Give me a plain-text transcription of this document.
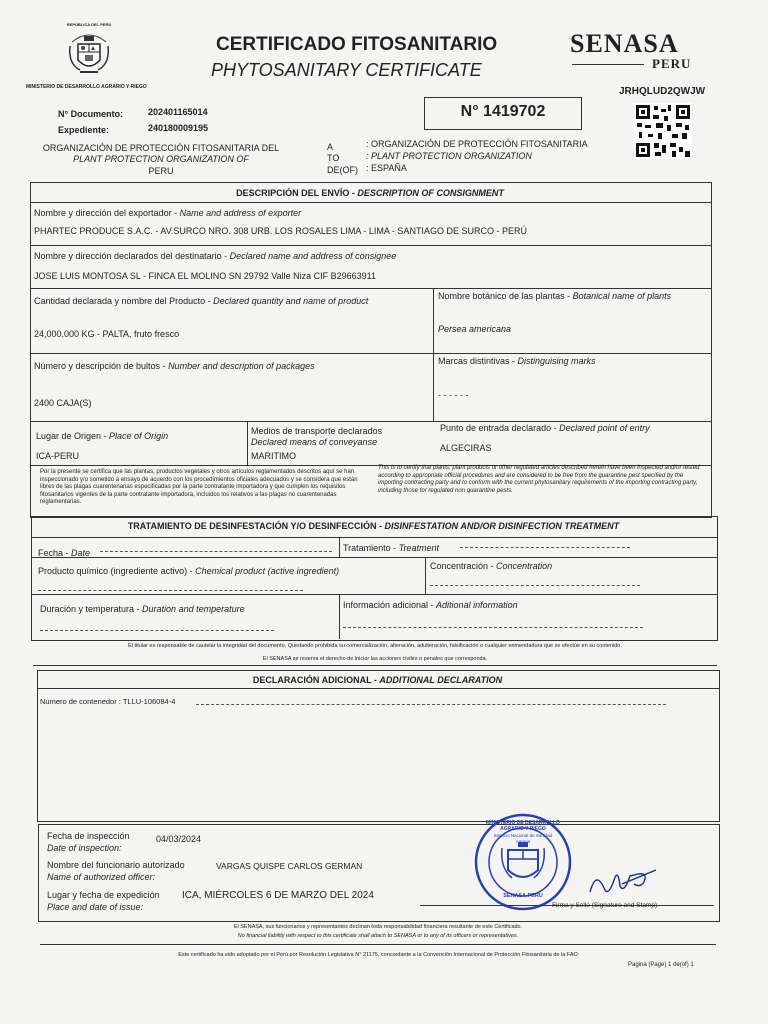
REPÚBLICA DEL PERÚ
MINISTERIO DE DESARROLLO AGRARIO Y RIEGO
CERTIFICADO FITOSANITARIO
PHYTOSANITARY CERTIFICATE
SENASA
PERU
JRHQLUD2QWJW
N° Documento:	202401165014
Expediente:	240180009195
N° 1419702
ORGANIZACIÓN DE PROTECCIÓN FITOSANITARIA DEL
PLANT PROTECTION ORGANIZATION OF
PERU
A
TO
DE(OF)
: ORGANIZACIÓN DE PROTECCIÓN FITOSANITARIA
: PLANT PROTECTION ORGANIZATION
: ESPAÑA
DESCRIPCIÓN DEL ENVÍO - DESCRIPTION OF CONSIGNMENT
Nombre y dirección del exportador - Name and address of exporter
PHARTEC PRODUCE S.A.C. - AV.SURCO NRO. 308 URB. LOS ROSALES LIMA - LIMA - SANTIAGO DE SURCO - PERÚ
Nombre y dirección declarados del destinatario - Declared name and address of consignee
JOSE LUIS MONTOSA SL - FINCA EL MOLINO SN 29792 Valle Niza CIF B29663911
Cantidad declarada y nombre del Producto - Declared quantity and name of product
24,000.000 KG - PALTA, fruto fresco
Nombre botánico de las plantas - Botanical name of plants
Persea americana
Número y descripción de bultos - Number and description of packages
2400 CAJA(S)
Marcas distintivas - Distinguising marks
- - - - - -
Lugar de Origen - Place of Origin
ICA-PERU
Medios de transporte declarados
Declared means of conveyanse
MARITIMO
Punto de entrada declarado - Declared point of entry
ALGECIRAS
Por la presente se certifica que las plantas, productos vegetales y otros artículos reglamentados descritos aquí se han inspeccionado y/o sometido a ensayo de acuerdo con los procedimientos oficiales adecuados y se considera que están libres de las plagas cuarentenarias especificadas por la parte contratante importadora y que cumplen los requisitos fitosanitarios vigentes de la parte contratante importadora, incluidos los relativos a las plagas no cuarentenadas reglamentarias.
This is to certify that plants, plant products or other regulated articles described herein have been inspected and/or tested according to appropriate official procedures and are considered to be free from the quarantine pest specified by the importing contracting party and to conform with the current phytosanitary requirements of the importing contracting party, including those for regulated non quarantine pests.
TRATAMIENTO DE DESINFESTACIÓN Y/O DESINFECCIÓN - DISINFESTATION AND/OR DISINFECTION TREATMENT
Fecha - Date	Tratamiento - Treatment
Producto químico (ingrediente activo) - Chemical product (active ingredient)	Concentración - Concentration
Duración y temperatura - Duration and temperature	Información adicional - Aditional information
El titular es responsable de cautelar la integridad del documento. Quedando prohibida su comercialización, alteración, adulteración, falsificación o cualquier enmendadura que se efectúe en su contenido.
El SENASA se reserva el derecho de iniciar las acciones civiles o penales que corresponda.
DECLARACIÓN ADICIONAL - ADDITIONAL DECLARATION
Numero de contenedor : TLLU-106084-4
Fecha de inspección
Date of inspection:
04/03/2024
Nombre del funcionario autorizado
Name of authorized officer:
VARGAS QUISPE CARLOS GERMAN
Lugar y fecha de expedición
Place and date of issue:
ICA, MIÉRCOLES 6 DE MARZO DEL 2024
MINISTERIO DE DESARROLLO AGRARIO Y RIEGO
Servicio Nacional de Sanidad Agraria
SENASA PERU
Firma y Sello (Signature and Stamp)
El SENASA, sus funcionarios y representantes declinan toda responsabilidad financiera resultante de este Certificado.
No financial liability with respect to this certificate shall attach to SENASA or to any of its officers or representatives.
Este certificado ha sido adoptado por el Perú por Resolución Legislativa N° 21175, concordante a la Convención Internacional de Protección Fitosanitaria de la FAO
Pagina (Page) 1 de(of) 1
